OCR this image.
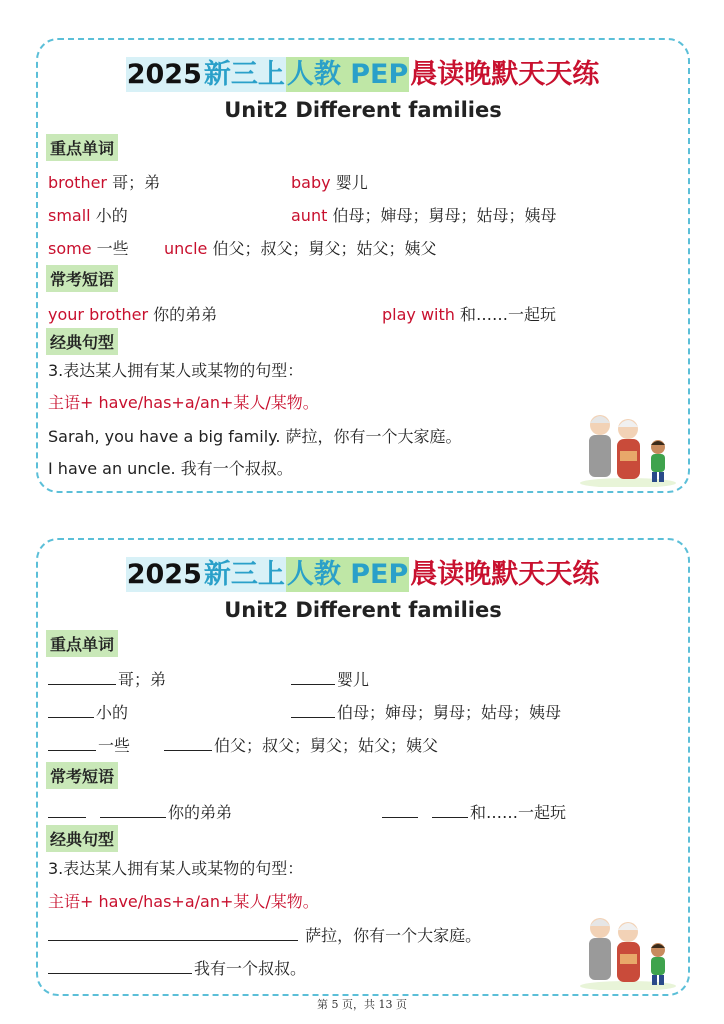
2025新三上人教 PEP晨读晚默天天练
Unit2 Different families
重点单词
brother 哥；弟	baby 婴儿
small 小的	aunt 伯母；婶母；舅母；姑母；姨母
some 一些 uncle 伯父；叔父；舅父；姑父；姨父
常考短语
your brother 你的弟弟	play with 和……一起玩
经典句型
3.表达某人拥有某人或某物的句型：
主语+ have/has+a/an+某人/某物。
Sarah, you have a big family. 萨拉，你有一个大家庭。
I have an uncle. 我有一个叔叔。
2025新三上人教 PEP晨读晚默天天练
Unit2 Different families
重点单词
哥；弟	婴儿
小的	伯母；婶母；舅母；姑母；姨母
一些	伯父；叔父；舅父；姑父；姨父
常考短语
你的弟弟	和……一起玩
经典句型
3.表达某人拥有某人或某物的句型：
主语+ have/has+a/an+某人/某物。
萨拉，你有一个大家庭。
我有一个叔叔。
第 5 页，共 13 页
